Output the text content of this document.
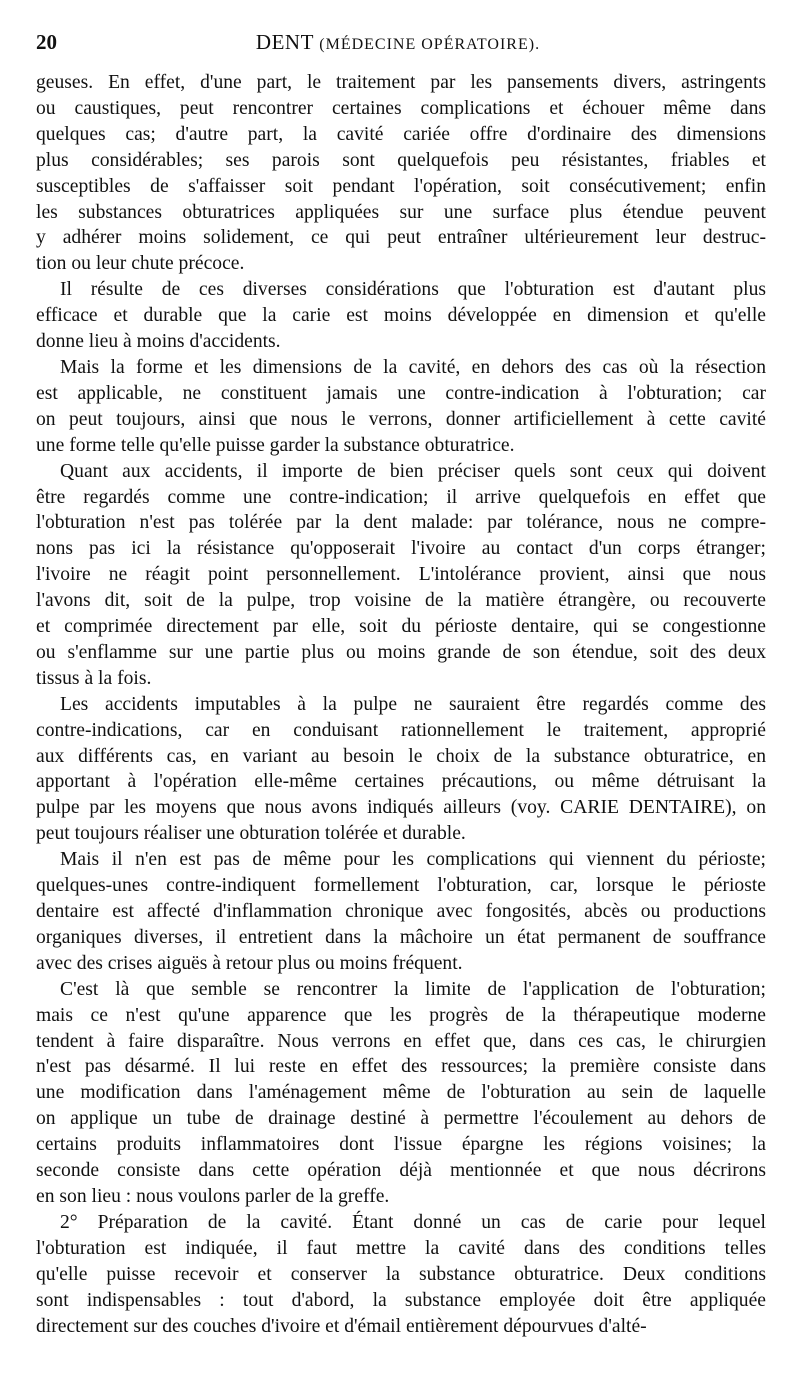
20	DENT (MÉDECINE OPÉRATOIRE).

geuses. En effet, d'une part, le traitement par les pansements divers, astringents
ou caustiques, peut rencontrer certaines complications et échouer même dans
quelques cas; d'autre part, la cavité cariée offre d'ordinaire des dimensions
plus considérables; ses parois sont quelquefois peu résistantes, friables et
susceptibles de s'affaisser soit pendant l'opération, soit consécutivement; enfin
les substances obturatrices appliquées sur une surface plus étendue peuvent
y adhérer moins solidement, ce qui peut entraîner ultérieurement leur destruc-
tion ou leur chute précoce.

Il résulte de ces diverses considérations que l'obturation est d'autant plus
efficace et durable que la carie est moins développée en dimension et qu'elle
donne lieu à moins d'accidents.

Mais la forme et les dimensions de la cavité, en dehors des cas où la résection
est applicable, ne constituent jamais une contre-indication à l'obturation; car
on peut toujours, ainsi que nous le verrons, donner artificiellement à cette cavité
une forme telle qu'elle puisse garder la substance obturatrice.

Quant aux accidents, il importe de bien préciser quels sont ceux qui doivent
être regardés comme une contre-indication; il arrive quelquefois en effet que
l'obturation n'est pas tolérée par la dent malade: par tolérance, nous ne compre-
nons pas ici la résistance qu'opposerait l'ivoire au contact d'un corps étranger;
l'ivoire ne réagit point personnellement. L'intolérance provient, ainsi que nous
l'avons dit, soit de la pulpe, trop voisine de la matière étrangère, ou recouverte
et comprimée directement par elle, soit du périoste dentaire, qui se congestionne
ou s'enflamme sur une partie plus ou moins grande de son étendue, soit des deux
tissus à la fois.

Les accidents imputables à la pulpe ne sauraient être regardés comme des
contre-indications, car en conduisant rationnellement le traitement, approprié
aux différents cas, en variant au besoin le choix de la substance obturatrice, en
apportant à l'opération elle-même certaines précautions, ou même détruisant la
pulpe par les moyens que nous avons indiqués ailleurs (voy. CARIE DENTAIRE), on
peut toujours réaliser une obturation tolérée et durable.

Mais il n'en est pas de même pour les complications qui viennent du périoste;
quelques-unes contre-indiquent formellement l'obturation, car, lorsque le périoste
dentaire est affecté d'inflammation chronique avec fongosités, abcès ou productions
organiques diverses, il entretient dans la mâchoire un état permanent de souffrance
avec des crises aiguës à retour plus ou moins fréquent.

C'est là que semble se rencontrer la limite de l'application de l'obturation;
mais ce n'est qu'une apparence que les progrès de la thérapeutique moderne
tendent à faire disparaître. Nous verrons en effet que, dans ces cas, le chirurgien
n'est pas désarmé. Il lui reste en effet des ressources; la première consiste dans
une modification dans l'aménagement même de l'obturation au sein de laquelle
on applique un tube de drainage destiné à permettre l'écoulement au dehors de
certains produits inflammatoires dont l'issue épargne les régions voisines; la
seconde consiste dans cette opération déjà mentionnée et que nous décrirons
en son lieu : nous voulons parler de la greffe.

2° Préparation de la cavité. Étant donné un cas de carie pour lequel
l'obturation est indiquée, il faut mettre la cavité dans des conditions telles
qu'elle puisse recevoir et conserver la substance obturatrice. Deux conditions
sont indispensables : tout d'abord, la substance employée doit être appliquée
directement sur des couches d'ivoire et d'émail entièrement dépourvues d'alté-
